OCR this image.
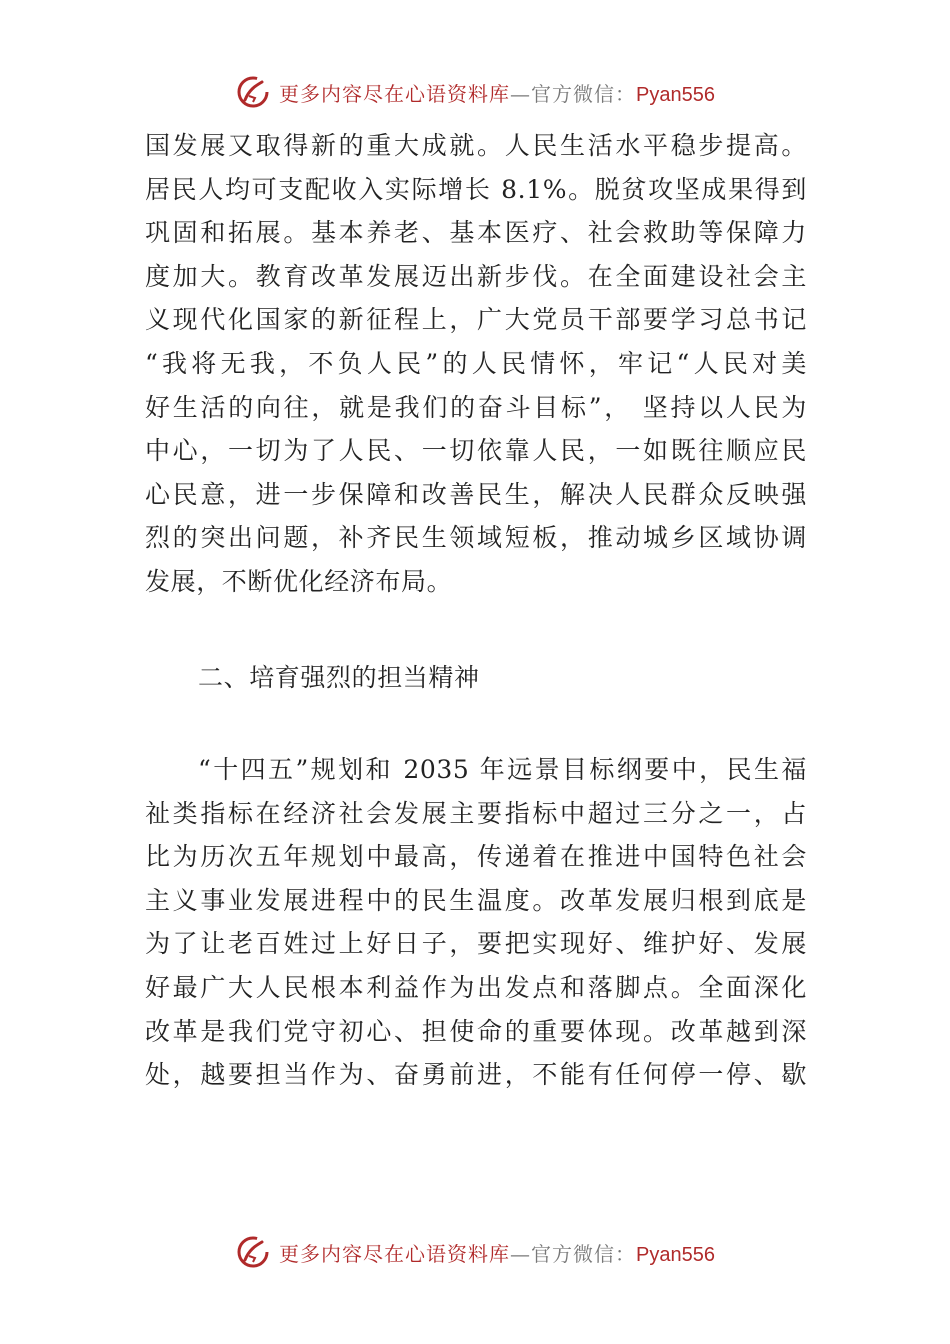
更多内容尽在心语资料库—官方微信：Pyan556
国发展又取得新的重大成就。人民生活水平稳步提高。
居民人均可支配收入实际增长 8.1%。脱贫攻坚成果得到
巩固和拓展。基本养老、基本医疗、社会救助等保障力
度加大。教育改革发展迈出新步伐。在全面建设社会主
义现代化国家的新征程上，广大党员干部要学习总书记
“我将无我，不负人民”的人民情怀，牢记“人民对美
好生活的向往，就是我们的奋斗目标”， 坚持以人民为
中心，一切为了人民、一切依靠人民，一如既往顺应民
心民意，进一步保障和改善民生，解决人民群众反映强
烈的突出问题，补齐民生领域短板，推动城乡区域协调
发展，不断优化经济布局。
二、培育强烈的担当精神
“十四五”规划和 2035 年远景目标纲要中，民生福
祉类指标在经济社会发展主要指标中超过三分之一，占
比为历次五年规划中最高，传递着在推进中国特色社会
主义事业发展进程中的民生温度。改革发展归根到底是
为了让老百姓过上好日子，要把实现好、维护好、发展
好最广大人民根本利益作为出发点和落脚点。全面深化
改革是我们党守初心、担使命的重要体现。改革越到深
处，越要担当作为、奋勇前进，不能有任何停一停、歇
更多内容尽在心语资料库—官方微信：Pyan556
